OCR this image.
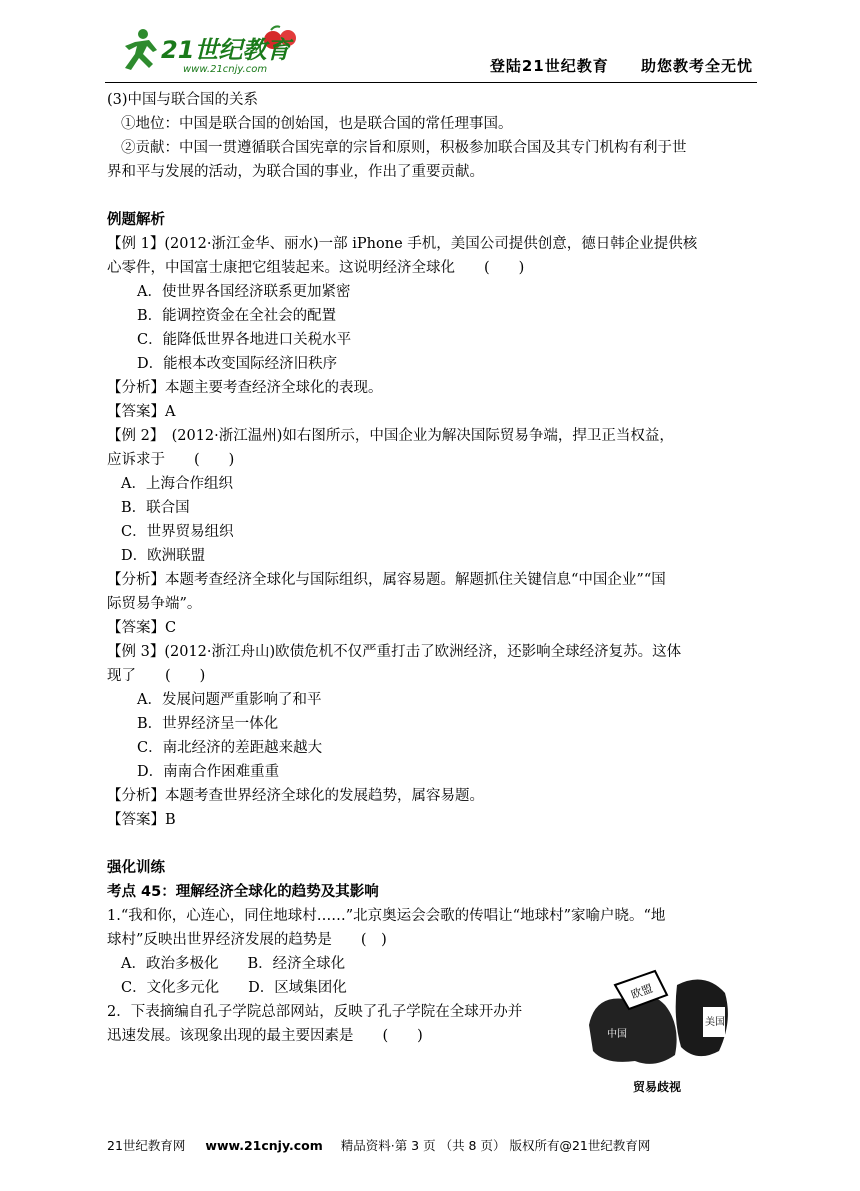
21世纪教育
www.21cnjy.com	登陆21世纪教育 助您教考全无忧
(3)中国与联合国的关系
①地位：中国是联合国的创始国，也是联合国的常任理事国。
②贡献：中国一贯遵循联合国宪章的宗旨和原则，积极参加联合国及其专门机构有利于世
界和平与发展的活动，为联合国的事业，作出了重要贡献。
例题解析
【例 1】(2012·浙江金华、丽水)一部 iPhone 手机，美国公司提供创意，德日韩企业提供核
心零件，中国富士康把它组装起来。这说明经济全球化　　(　　)
A．使世界各国经济联系更加紧密
B．能调控资金在全社会的配置
C．能降低世界各地进口关税水平
D．能根本改变国际经济旧秩序
【分析】本题主要考查经济全球化的表现。
【答案】A
【例 2】　(2012·浙江温州)如右图所示，中国企业为解决国际贸易争端，捍卫正当权益，
应诉求于　　(　　)
A．上海合作组织
B．联合国
C．世界贸易组织
D．欧洲联盟
【分析】本题考查经济全球化与国际组织，属容易题。解题抓住关键信息“中国企业”“国
际贸易争端”。
【答案】C
【例 3】(2012·浙江舟山)欧债危机不仅严重打击了欧洲经济，还影响全球经济复苏。这体
现了　　(　　)
A．发展问题严重影响了和平
B．世界经济呈一体化
C．南北经济的差距越来越大
D．南南合作困难重重
【分析】本题考查世界经济全球化的发展趋势，属容易题。
【答案】B
强化训练
考点 45：理解经济全球化的趋势及其影响
1.“我和你，心连心，同住地球村……”北京奥运会会歌的传唱让“地球村”家喻户晓。“地
球村”反映出世界经济发展的趋势是　　(　)
A．政治多极化　　B．经济全球化
C．文化多元化　　D．区域集团化
2．下表摘编自孔子学院总部网站，反映了孔子学院在全球开办并
迅速发展。该现象出现的最主要因素是　　(　　)
欧盟
美国
中国
贸易歧视
21世纪教育网 www.21cnjy.com 精品资料·第 3 页 （共 8 页） 版权所有@21世纪教育网
